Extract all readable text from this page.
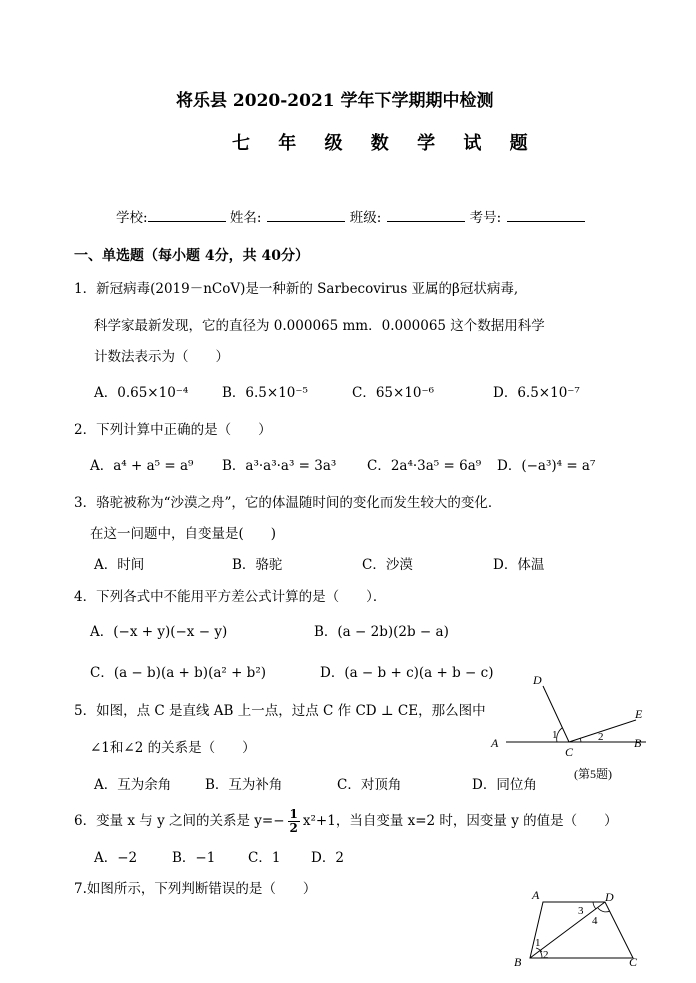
将乐县 2020-2021 学年下学期期中检测
七 年 级 数 学 试 题
学校:	姓名:	班级:	考号:
一、单选题（每小题 4分，共 40分）
1．新冠病毒(2019－nCoV)是一种新的 Sarbecovirus 亚属的β冠状病毒,
科学家最新发现，它的直径为 0.000065 mm．0.000065 这个数据用科学
计数法表示为（　　）
A．0.65×10⁻⁴ B．6.5×10⁻⁵	C．65×10⁻⁶	D．6.5×10⁻⁷
2．下列计算中正确的是（　　）
A．a⁴ + a⁵ = a⁹ B．a³·a³·a³ = 3a³ C．2a⁴·3a⁵ = 6a⁹ D．(−a³)⁴ = a⁷
3．骆驼被称为“沙漠之舟”，它的体温随时间的变化而发生较大的变化．
在这一问题中，自变量是(　　)
A．时间	B．骆驼	C．沙漠	D．体温
4．下列各式中不能用平方差公式计算的是（　　）．
A．(−x + y)(−x − y)	B．(a − 2b)(2b − a)
C．(a − b)(a + b)(a² + b²)	D．(a − b + c)(a + b − c)
5．如图，点 C 是直线 AB 上一点，过点 C 作 CD ⊥ CE，那么图中
∠1和∠2 的关系是（　　）
A．互为余角	B．互为补角	C．对顶角	D．同位角
A	B
C
D
E
1	2
(第5题)
6．变量 x 与 y 之间的关系是 $y=- \frac{1}{2} x^2+1$，当自变量 x=2 时，因变量 y 的值是（　　）
A．−2	B．−1 C．1 D．2
7.如图所示，下列判断错误的是（　　）	A	D
B	C
1
2
3
4
